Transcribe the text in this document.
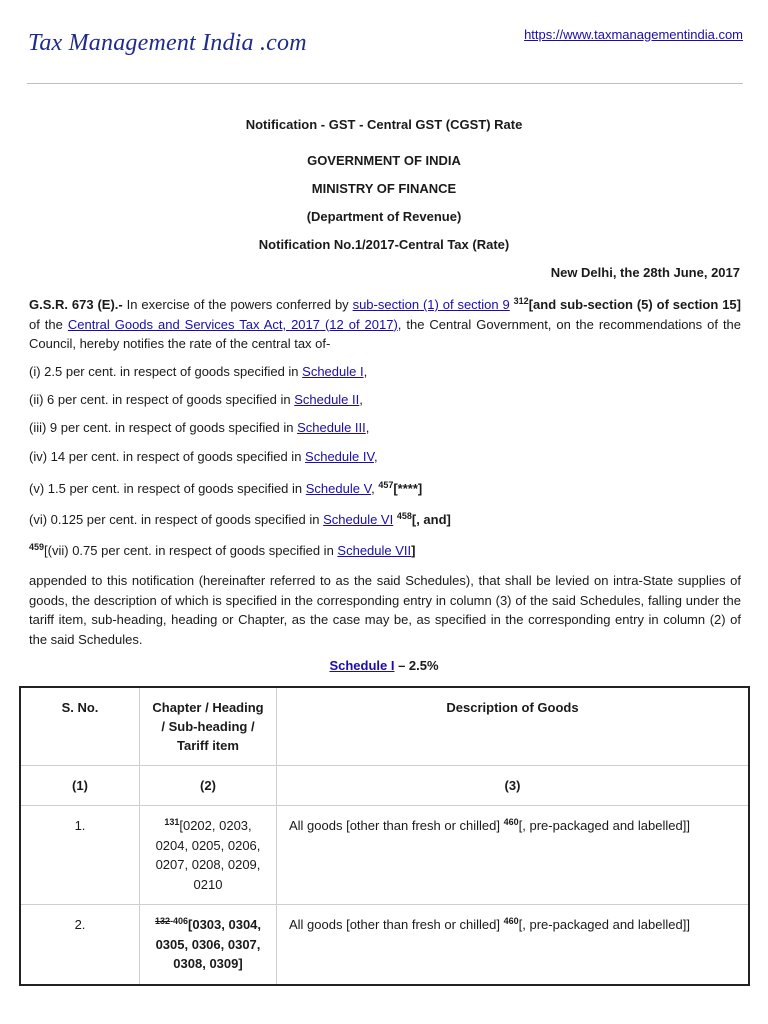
Tax Management India .com	https://www.taxmanagementindia.com
Notification - GST - Central GST (CGST) Rate
GOVERNMENT OF INDIA
MINISTRY OF FINANCE
(Department of Revenue)
Notification No.1/2017-Central Tax (Rate)
New Delhi, the 28th June, 2017
G.S.R. 673 (E).- In exercise of the powers conferred by sub-section (1) of section 9 $^{312}$[and sub-section (5) of section 15] of the Central Goods and Services Tax Act, 2017 (12 of 2017), the Central Government, on the recommendations of the Council, hereby notifies the rate of the central tax of-
(i) 2.5 per cent. in respect of goods specified in Schedule I,
(ii) 6 per cent. in respect of goods specified in Schedule II,
(iii) 9 per cent. in respect of goods specified in Schedule III,
(iv) 14 per cent. in respect of goods specified in Schedule IV,
(v) 1.5 per cent. in respect of goods specified in Schedule V, $^{457}$[****]
(vi) 0.125 per cent. in respect of goods specified in Schedule VI $^{458}$[, and]
$^{459}$[(vii) 0.75 per cent. in respect of goods specified in Schedule VII]
appended to this notification (hereinafter referred to as the said Schedules), that shall be levied on intra-State supplies of goods, the description of which is specified in the corresponding entry in column (3) of the said Schedules, falling under the tariff item, sub-heading, heading or Chapter, as the case may be, as specified in the corresponding entry in column (2) of the said Schedules.
Schedule I – 2.5%
S. No.	Chapter / Heading / Sub-heading / Tariff item	Description of Goods
(1)	(2)	(3)
1.	$^{131}$[0202, 0203, 0204, 0205, 0206, 0207, 0208, 0209, 0210	All goods [other than fresh or chilled] $^{460}$[, pre-packaged and labelled]]
2.	$^{132-406}$[0303, 0304, 0305, 0306, 0307, 0308, 0309]	All goods [other than fresh or chilled] $^{460}$[, pre-packaged and labelled]]
